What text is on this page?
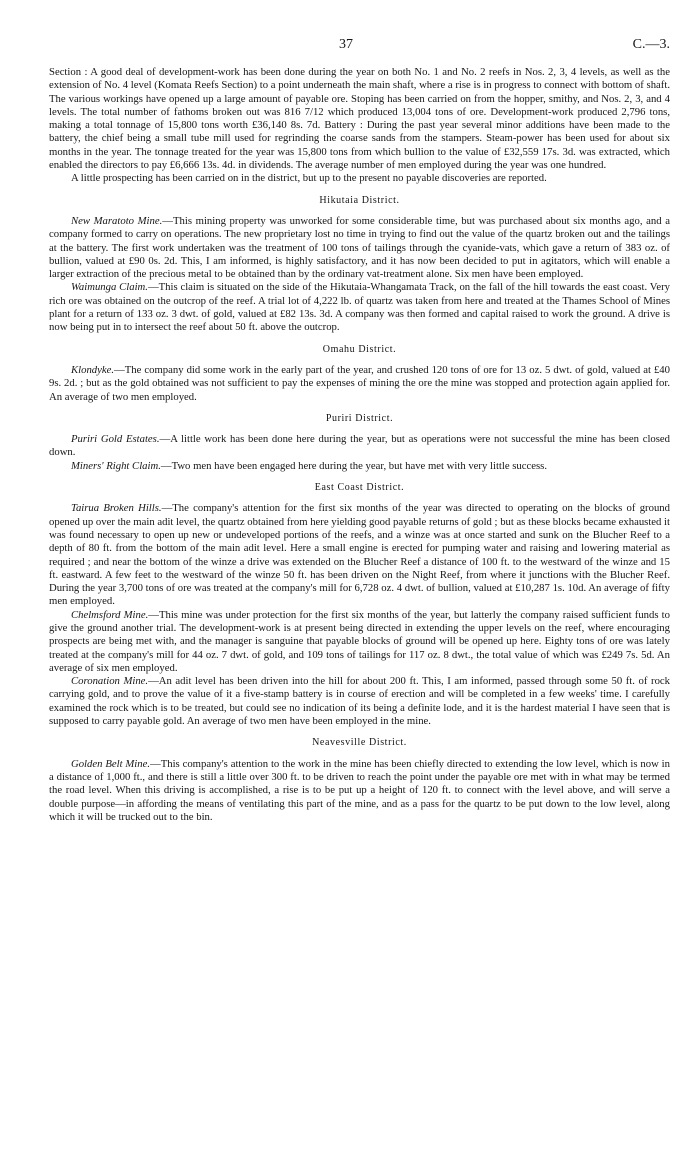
37	C.—3.

Section : A good deal of development-work has been done during the year on both No. 1 and No. 2 reefs in Nos. 2, 3, 4 levels, as well as the extension of No. 4 level (Komata Reefs Section) to a point underneath the main shaft, where a rise is in progress to connect with bottom of shaft. The various workings have opened up a large amount of payable ore. Stoping has been carried on from the hopper, smithy, and Nos. 2, 3, and 4 levels. The total number of fathoms broken out was 816 7/12 which produced 13,004 tons of ore. Development-work produced 2,796 tons, making a total tonnage of 15,800 tons worth £36,140 8s. 7d. Battery : During the past year several minor additions have been made to the battery, the chief being a small tube mill used for regrinding the coarse sands from the stampers. Steam-power has been used for about six months in the year. The tonnage treated for the year was 15,800 tons from which bullion to the value of £32,559 17s. 3d. was extracted, which enabled the directors to pay £6,666 13s. 4d. in dividends. The average number of men employed during the year was one hundred.

A little prospecting has been carried on in the district, but up to the present no payable discoveries are reported.

Hikutaia District.

New Maratoto Mine.—This mining property was unworked for some considerable time, but was purchased about six months ago, and a company formed to carry on operations. The new proprietary lost no time in trying to find out the value of the quartz broken out and the tailings at the battery. The first work undertaken was the treatment of 100 tons of tailings through the cyanide-vats, which gave a return of 383 oz. of bullion, valued at £90 0s. 2d. This, I am informed, is highly satisfactory, and it has now been decided to put in agitators, which will enable a larger extraction of the precious metal to be obtained than by the ordinary vat-treatment alone. Six men have been employed.

Waimunga Claim.—This claim is situated on the side of the Hikutaia-Whangamata Track, on the fall of the hill towards the east coast. Very rich ore was obtained on the outcrop of the reef. A trial lot of 4,222 lb. of quartz was taken from here and treated at the Thames School of Mines plant for a return of 133 oz. 3 dwt. of gold, valued at £82 13s. 3d. A company was then formed and capital raised to work the ground. A drive is now being put in to intersect the reef about 50 ft. above the outcrop.

Omahu District.

Klondyke.—The company did some work in the early part of the year, and crushed 120 tons of ore for 13 oz. 5 dwt. of gold, valued at £40 9s. 2d. ; but as the gold obtained was not sufficient to pay the expenses of mining the ore the mine was stopped and protection again applied for. An average of two men employed.

Puriri District.

Puriri Gold Estates.—A little work has been done here during the year, but as operations were not successful the mine has been closed down.

Miners' Right Claim.—Two men have been engaged here during the year, but have met with very little success.

East Coast District.

Tairua Broken Hills.—The company's attention for the first six months of the year was directed to operating on the blocks of ground opened up over the main adit level, the quartz obtained from here yielding good payable returns of gold ; but as these blocks became exhausted it was found necessary to open up new or undeveloped portions of the reefs, and a winze was at once started and sunk on the Blucher Reef to a depth of 80 ft. from the bottom of the main adit level. Here a small engine is erected for pumping water and raising and lowering material as required ; and near the bottom of the winze a drive was extended on the Blucher Reef a distance of 100 ft. to the westward of the winze and 15 ft. eastward. A few feet to the westward of the winze 50 ft. has been driven on the Night Reef, from where it junctions with the Blucher Reef. During the year 3,700 tons of ore was treated at the company's mill for 6,728 oz. 4 dwt. of bullion, valued at £10,287 1s. 10d. An average of fifty men employed.

Chelmsford Mine.—This mine was under protection for the first six months of the year, but latterly the company raised sufficient funds to give the ground another trial. The development-work is at present being directed in extending the upper levels on the reef, where encouraging prospects are being met with, and the manager is sanguine that payable blocks of ground will be opened up here. Eighty tons of ore was lately treated at the company's mill for 44 oz. 7 dwt. of gold, and 109 tons of tailings for 117 oz. 8 dwt., the total value of which was £249 7s. 5d. An average of six men employed.

Coronation Mine.—An adit level has been driven into the hill for about 200 ft. This, I am informed, passed through some 50 ft. of rock carrying gold, and to prove the value of it a five-stamp battery is in course of erection and will be completed in a few weeks' time. I carefully examined the rock which is to be treated, but could see no indication of its being a definite lode, and it is the hardest material I have seen that is supposed to carry payable gold. An average of two men have been employed in the mine.

Neavesville District.

Golden Belt Mine.—This company's attention to the work in the mine has been chiefly directed to extending the low level, which is now in a distance of 1,000 ft., and there is still a little over 300 ft. to be driven to reach the point under the payable ore met with in what may be termed the road level. When this driving is accomplished, a rise is to be put up a height of 120 ft. to connect with the level above, and will serve a double purpose—in affording the means of ventilating this part of the mine, and as a pass for the quartz to be put down to the low level, along which it will be trucked out to the bin.
